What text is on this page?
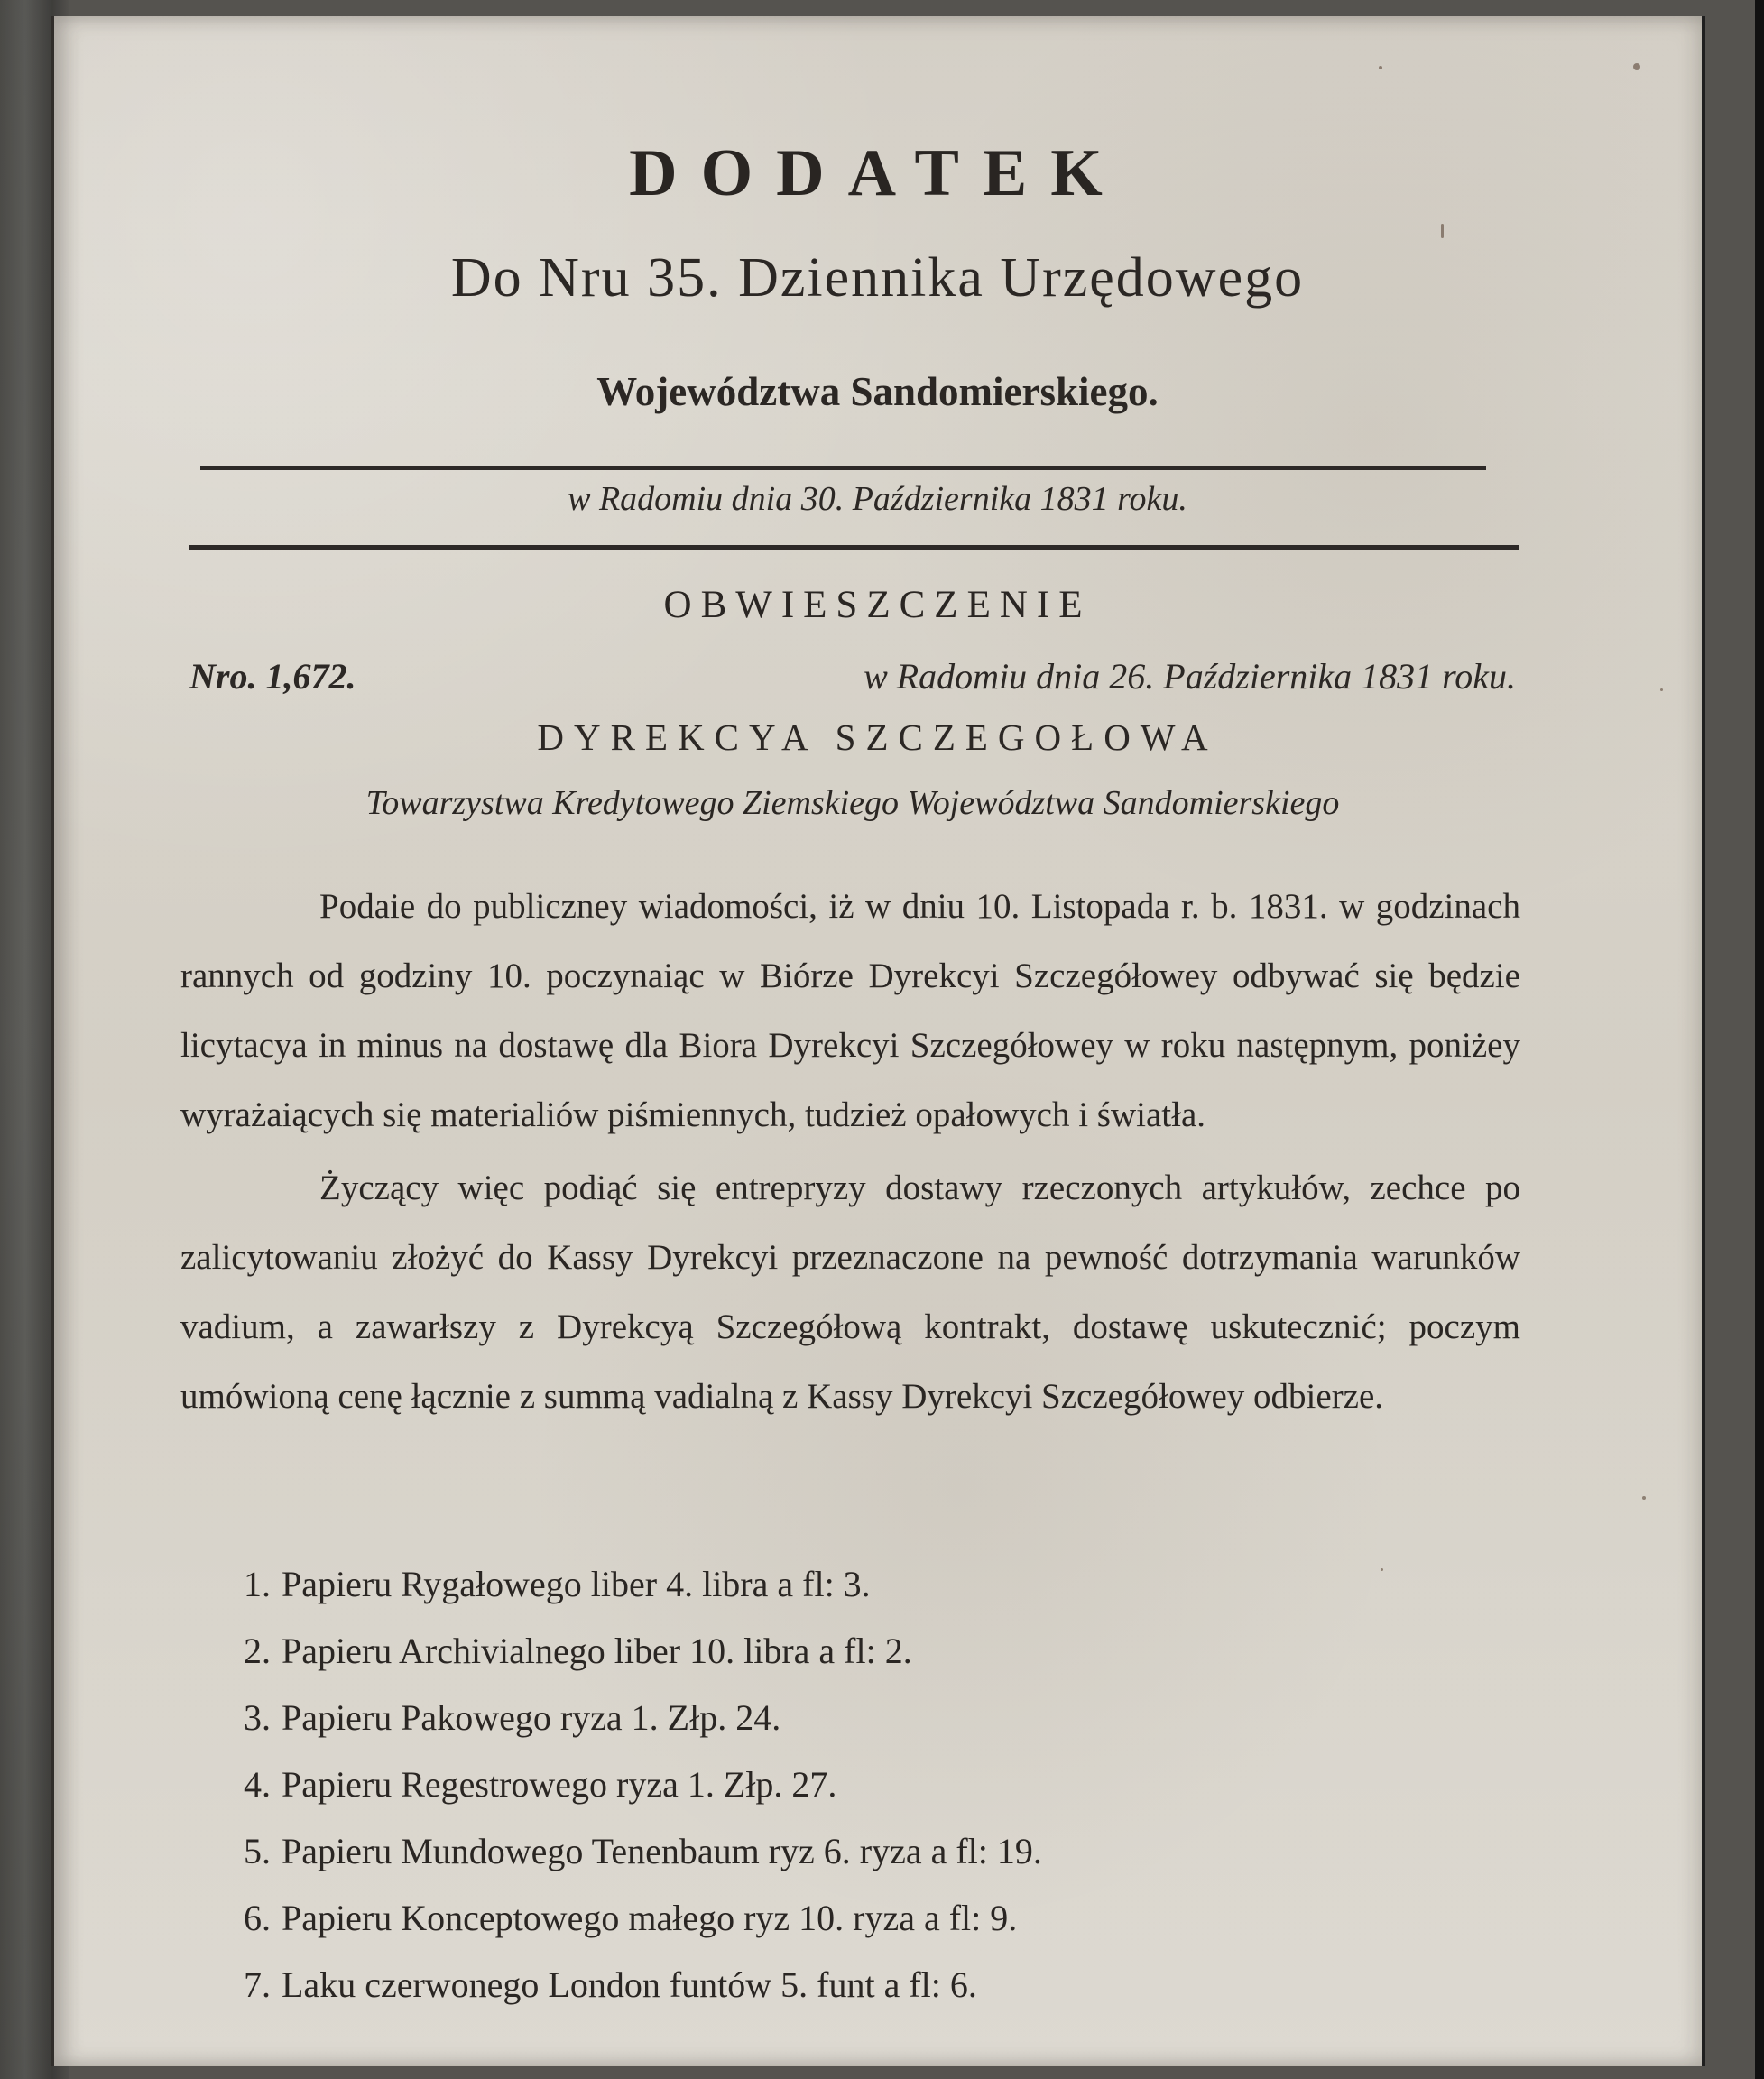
DODATEK
Do Nru 35. Dziennika Urzędowego
Województwa Sandomierskiego.
w Radomiu dnia 30. Października 1831 roku.
OBWIESZCZENIE
Nro. 1,672.	w Radomiu dnia 26. Października 1831 roku.
DYREKCYA SZCZEGOŁOWA
Towarzystwa Kredytowego Ziemskiego Województwa Sandomierskiego

Podaie do publiczney wiadomości, iż w dniu 10. Listopada r. b. 1831. w godzinach rannych od godziny 10. poczynaiąc w Biórze Dyrekcyi Szczegółowey odbywać się będzie licytacya in minus na dostawę dla Biora Dyrekcyi Szczegółowey w roku następnym, poniżey wyrażaiących się materialiów piśmiennych, tudzież opałowych i światła.

Życzący więc podiąć się entrepryzy dostawy rzeczonych artykułów, zechce po zalicytowaniu złożyć do Kassy Dyrekcyi przeznaczone na pewność dotrzymania warunków vadium, a zawarłszy z Dyrekcyą Szczegółową kontrakt, dostawę uskutecznić; poczym umówioną cenę łącznie z summą vadialną z Kassy Dyrekcyi Szczegółowey odbierze.

1. Papieru Rygałowego liber 4. libra a fl: 3.
2. Papieru Archivialnego liber 10. libra a fl: 2.
3. Papieru Pakowego ryza 1. Złp. 24.
4. Papieru Regestrowego ryza 1. Złp. 27.
5. Papieru Mundowego Tenenbaum ryz 6. ryza a fl: 19.
6. Papieru Konceptowego małego ryz 10. ryza a fl: 9.
7. Laku czerwonego London funtów 5. funt a fl: 6.
